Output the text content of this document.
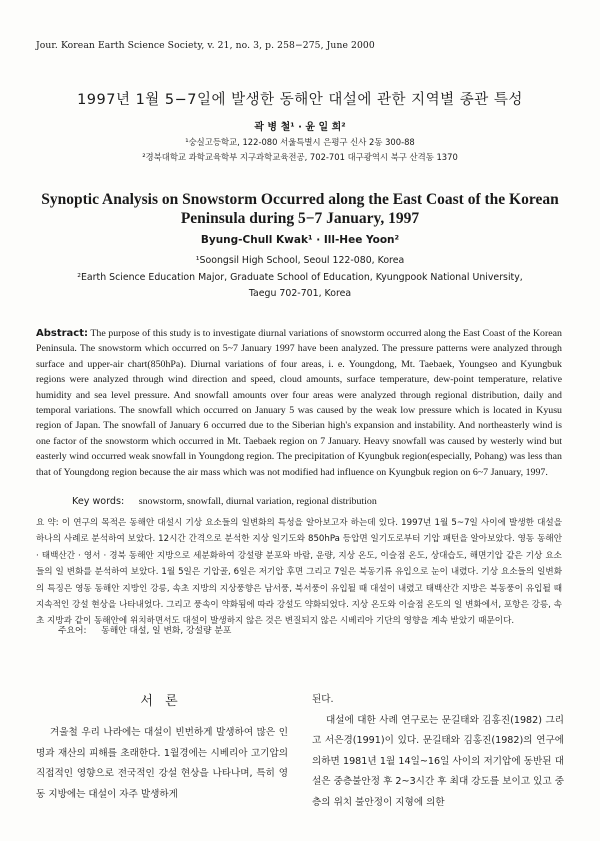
Jour. Korean Earth Science Society, v. 21, no. 3, p. 258−275, June 2000
1997년 1월 5−7일에 발생한 동해안 대설에 관한 지역별 종관 특성
곽 병 철¹ · 윤 일 희²
¹숭실고등학교, 122-080 서울특별시 은평구 신사 2동 300-88
²경북대학교 과학교육학부 지구과학교육전공, 702-701 대구광역시 북구 산격동 1370
Synoptic Analysis on Snowstorm Occurred along the East Coast of the Korean
Peninsula during 5−7 January, 1997
Byung-Chull Kwak¹ · Ill-Hee Yoon²
¹Soongsil High School, Seoul 122-080, Korea
²Earth Science Education Major, Graduate School of Education, Kyungpook National University,
Taegu 702-701, Korea
Abstract: The purpose of this study is to investigate diurnal variations of snowstorm occurred along the East Coast of the Korean Peninsula. The snowstorm which occurred on 5~7 January 1997 have been analyzed. The pressure patterns were analyzed through surface and upper-air chart(850hPa). Diurnal variations of four areas, i. e. Youngdong, Mt. Taebaek, Youngseo and Kyungbuk regions were analyzed through wind direction and speed, cloud amounts, surface temperature, dew-point temperature, relative humidity and sea level pressure. And snowfall amounts over four areas were analyzed through regional distribution, daily and temporal variations. The snowfall which occurred on January 5 was caused by the weak low pressure which is located in Kyusu region of Japan. The snowfall of January 6 occurred due to the Siberian high's expansion and instability. And northeasterly wind is one factor of the snowstorm which occurred in Mt. Taebaek region on 7 January. Heavy snowfall was caused by westerly wind but easterly wind occurred weak snowfall in Youngdong region. The precipitation of Kyungbuk region(especially, Pohang) was less than that of Youngdong region because the air mass which was not modified had influence on Kyungbuk region on 6~7 January, 1997.
Key words: snowstorm, snowfall, diurnal variation, regional distribution
요 약: 이 연구의 목적은 동해안 대설시 기상 요소들의 일변화의 특성을 알아보고자 하는데 있다. 1997년 1월 5~7일 사이에 발생한 대설을 하나의 사례로 분석하여 보았다. 12시간 간격으로 분석한 지상 일기도와 850hPa 등압면 일기도로부터 기압 패턴을 알아보았다. 영동 동해안 · 태백산간 · 영서 · 경북 동해안 지방으로 세분화하여 강설량 분포와 바람, 운량, 지상 온도, 이슬점 온도, 상대습도, 해면기압 같은 기상 요소들의 일 변화를 분석하여 보았다. 1월 5일은 기압골, 6일은 저기압 후면 그리고 7일은 북동기류 유입으로 눈이 내렸다. 기상 요소들의 일변화의 특징은 영동 동해안 지방인 강릉, 속초 지방의 지상풍향은 남서풍, 북서풍이 유입될 때 대설이 내렸고 태백산간 지방은 북동풍이 유입될 때 지속적인 강설 현상을 나타내었다. 그리고 풍속이 약화됨에 따라 강설도 약화되었다. 지상 온도와 이슬점 온도의 일 변화에서, 포항은 강릉, 속초 지방과 같이 동해안에 위치하면서도 대설이 발생하지 않은 것은 변질되지 않은 시베리아 기단의 영향을 계속 받았기 때문이다.
주요어: 동해안 대설, 일 변화, 강설량 분포
서 론
겨울철 우리 나라에는 대설이 빈번하게 발생하여 많은 인명과 재산의 피해를 초래한다. 1월경에는 시베리아 고기압의 직접적인 영향으로 전국적인 강설 현상을 나타나며, 특히 영동 지방에는 대설이 자주 발생하게
된다.
대설에 대한 사례 연구로는 문길태와 김홍진(1982) 그리고 서은경(1991)이 있다. 문길태와 김홍진(1982)의 연구에 의하면 1981년 1월 14일~16일 사이의 저기압에 동반된 대설은 중층불안정 후 2~3시간 후 최대 강도를 보이고 있고 중층의 위치 불안정이 지형에 의한
